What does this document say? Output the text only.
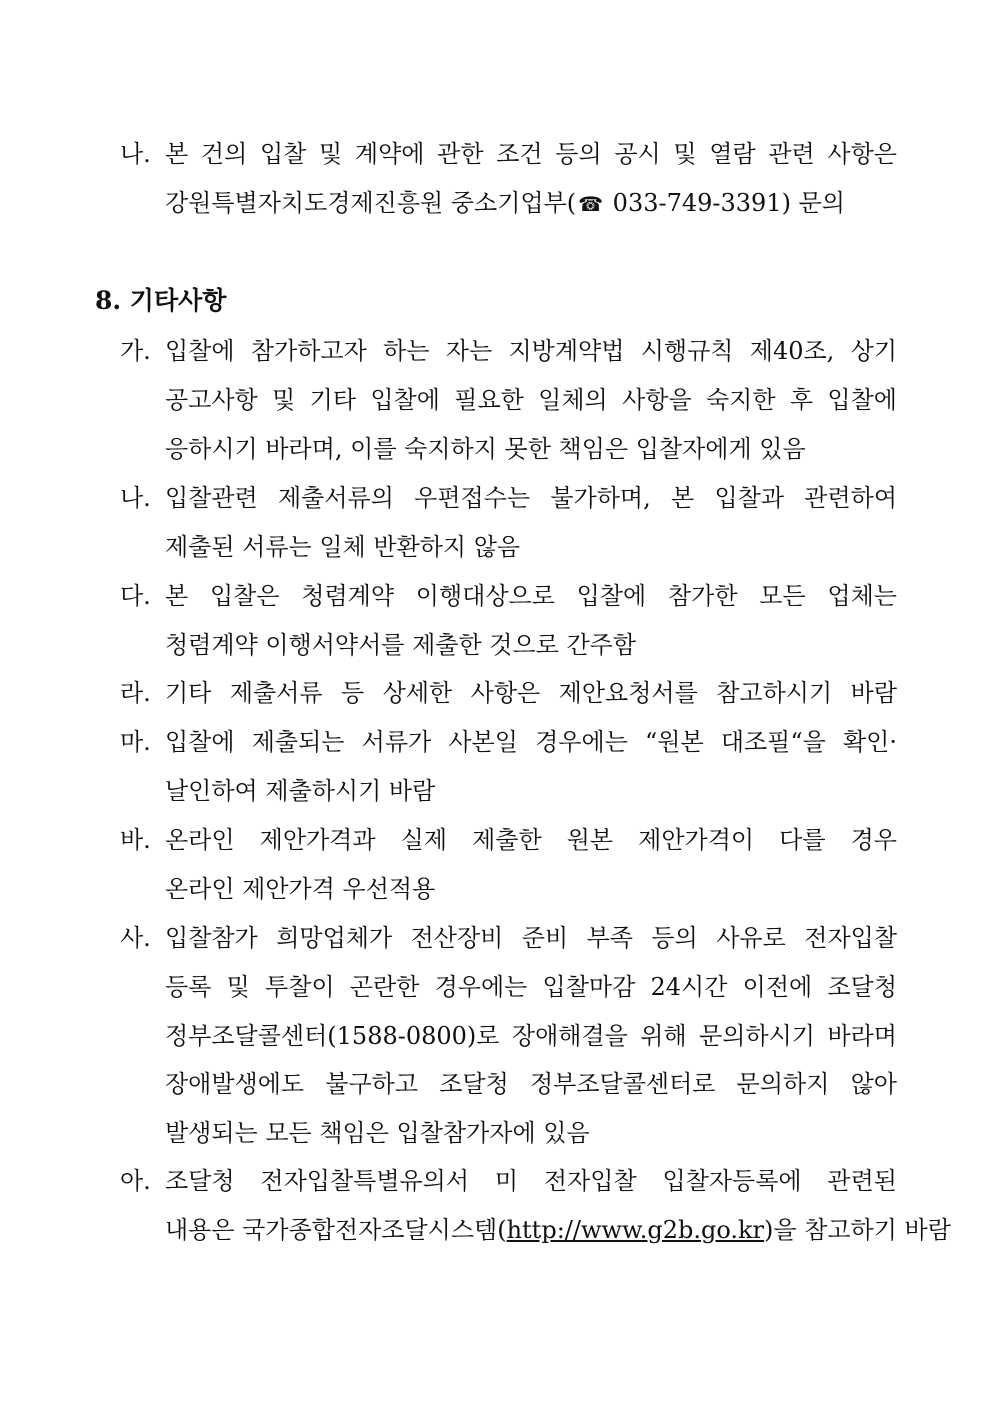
나. 본 건의 입찰 및 계약에 관한 조건 등의 공시 및 열람 관련 사항은
강원특별자치도경제진흥원 중소기업부( ☎ 033-749-3391) 문의
8. 기타사항
가. 입찰에 참가하고자 하는 자는 지방계약법 시행규칙 제40조, 상기
공고사항 및 기타 입찰에 필요한 일체의 사항을 숙지한 후 입찰에
응하시기 바라며, 이를 숙지하지 못한 책임은 입찰자에게 있음
나. 입찰관련 제출서류의 우편접수는 불가하며, 본 입찰과 관련하여
제출된 서류는 일체 반환하지 않음
다. 본 입찰은 청렴계약 이행대상으로 입찰에 참가한 모든 업체는
청렴계약 이행서약서를 제출한 것으로 간주함
라. 기타 제출서류 등 상세한 사항은 제안요청서를 참고하시기 바람
마. 입찰에 제출되는 서류가 사본일 경우에는 “원본 대조필“을 확인·
날인하여 제출하시기 바람
바. 온라인 제안가격과 실제 제출한 원본 제안가격이 다를 경우
온라인 제안가격 우선적용
사. 입찰참가 희망업체가 전산장비 준비 부족 등의 사유로 전자입찰
등록 및 투찰이 곤란한 경우에는 입찰마감 24시간 이전에 조달청
정부조달콜센터(1588-0800)로 장애해결을 위해 문의하시기 바라며
장애발생에도 불구하고 조달청 정부조달콜센터로 문의하지 않아
발생되는 모든 책임은 입찰참가자에 있음
아. 조달청 전자입찰특별유의서 미 전자입찰 입찰자등록에 관련된
내용은 국가종합전자조달시스템(http://www.g2b.go.kr)을 참고하기 바람
